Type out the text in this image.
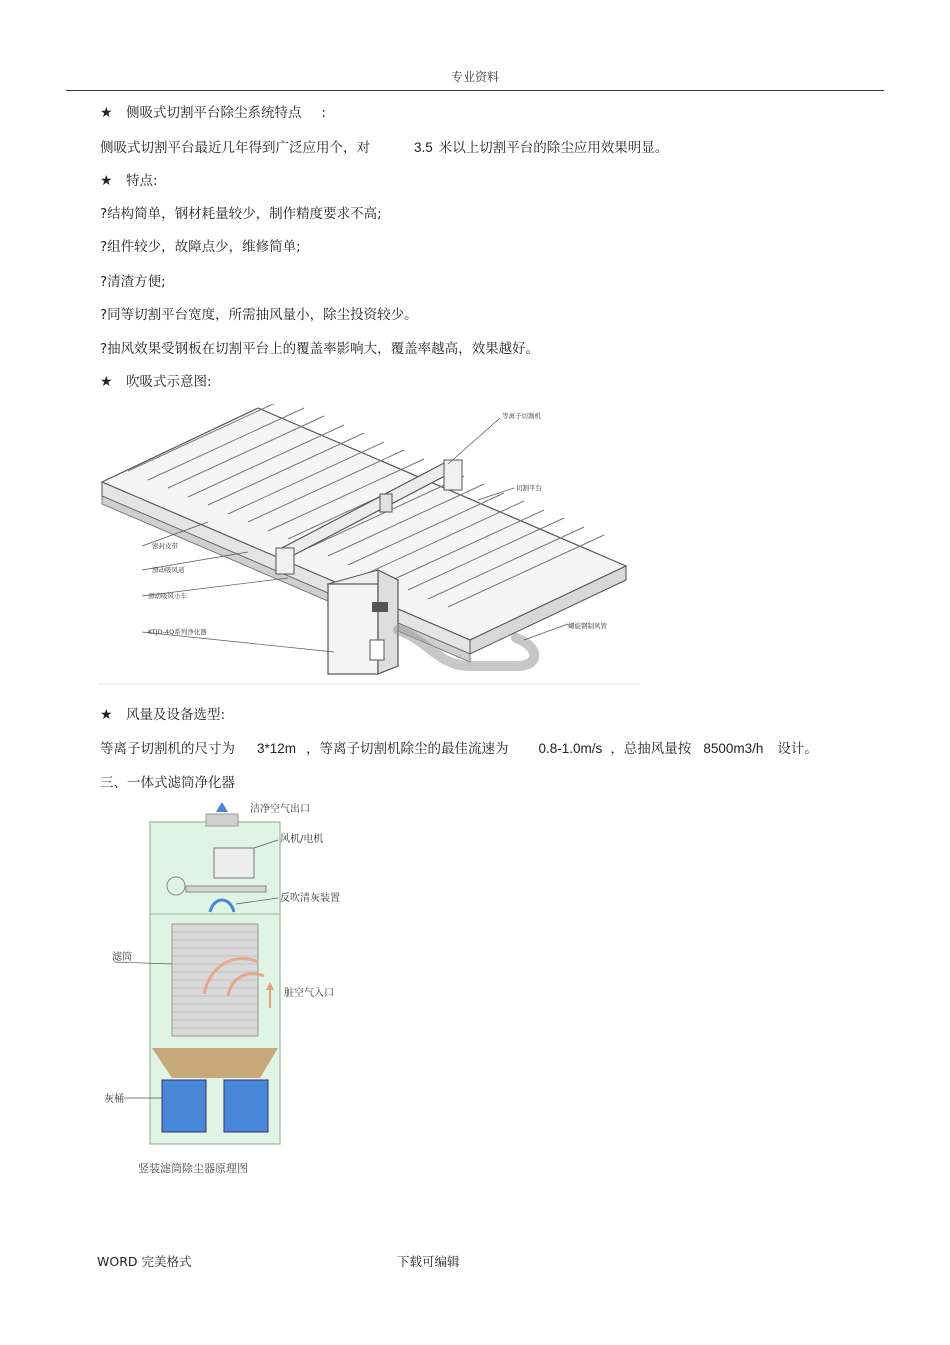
专业资料
★ 侧吸式切割平台除尘系统特点 :
侧吸式切割平台最近几年得到广泛应用个，对	3.5 米以上切割平台的除尘应用效果明显。
★ 特点:
?结构简单，钢材耗量较少，制作精度要求不高;
?组件较少，故障点少，维修简单;
?清渣方便;
?同等切割平台宽度，所需抽风量小，除尘投资较少。
?抽风效果受钢板在切割平台上的覆盖率影响大，覆盖率越高，效果越好。
★ 吹吸式示意图:
等离子切割机
切割平台
密封皮带
滑动吸风道
滑动吸风小车
KTJD-4Q系列净化器
螺旋钢制风管
★ 风量及设备选型:
等离子切割机的尺寸为 3*12m ，等离子切割机除尘的最佳流速为 0.8-1.0m/s ，总抽风量按 8500m3/h 设计。
三、一体式滤筒净化器
洁净空气出口
风机/电机
反吹清灰装置
滤筒
脏空气入口
灰桶
竖装滤筒除尘器原理图
WORD 完美格式	下载可编辑
